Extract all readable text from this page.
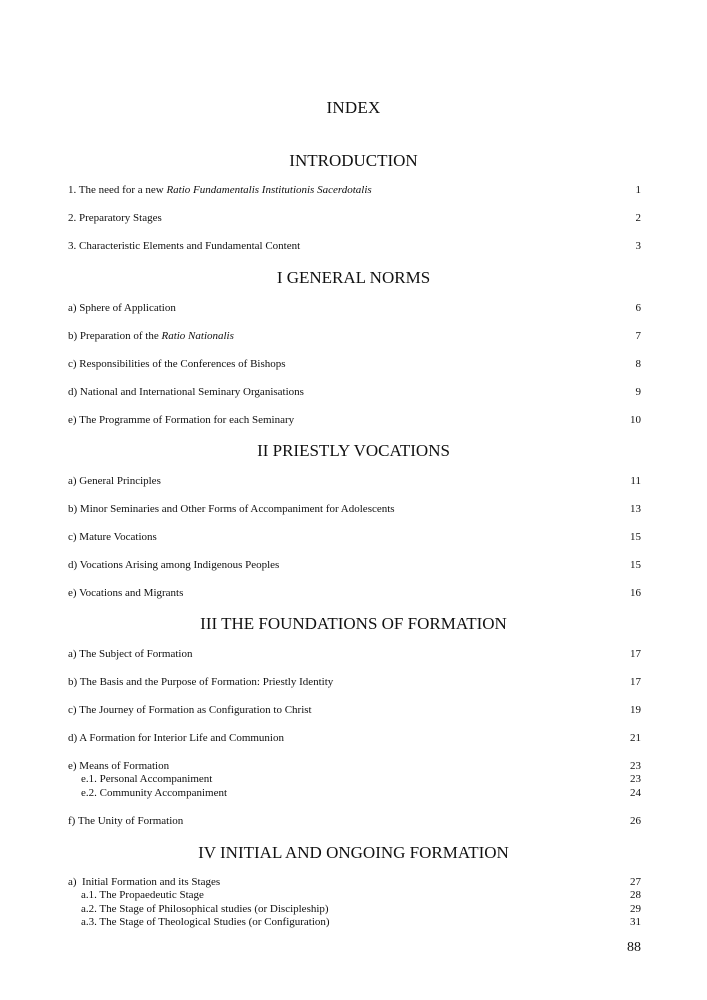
INDEX
INTRODUCTION
1. The need for a new Ratio Fundamentalis Institutionis Sacerdotalis	1
2. Preparatory Stages	2
3. Characteristic Elements and Fundamental Content	3
I GENERAL NORMS
a) Sphere of Application	6
b) Preparation of the Ratio Nationalis	7
c) Responsibilities of the Conferences of Bishops	8
d) National and International Seminary Organisations	9
e) The Programme of Formation for each Seminary	10
II PRIESTLY VOCATIONS
a) General Principles	11
b) Minor Seminaries and Other Forms of Accompaniment for Adolescents	13
c) Mature Vocations	15
d) Vocations Arising among Indigenous Peoples	15
e) Vocations and Migrants	16
III THE FOUNDATIONS OF FORMATION
a) The Subject of Formation	17
b) The Basis and the Purpose of Formation: Priestly Identity	17
c) The Journey of Formation as Configuration to Christ	19
d) A Formation for Interior Life and Communion	21
e) Means of Formation	23
e.1. Personal Accompaniment	23
e.2. Community Accompaniment	24
f) The Unity of Formation	26
IV INITIAL AND ONGOING FORMATION
a)  Initial Formation and its Stages	27
a.1. The Propaedeutic Stage	28
a.2. The Stage of Philosophical studies (or Discipleship)	29
a.3. The Stage of Theological Studies (or Configuration)	31
88
